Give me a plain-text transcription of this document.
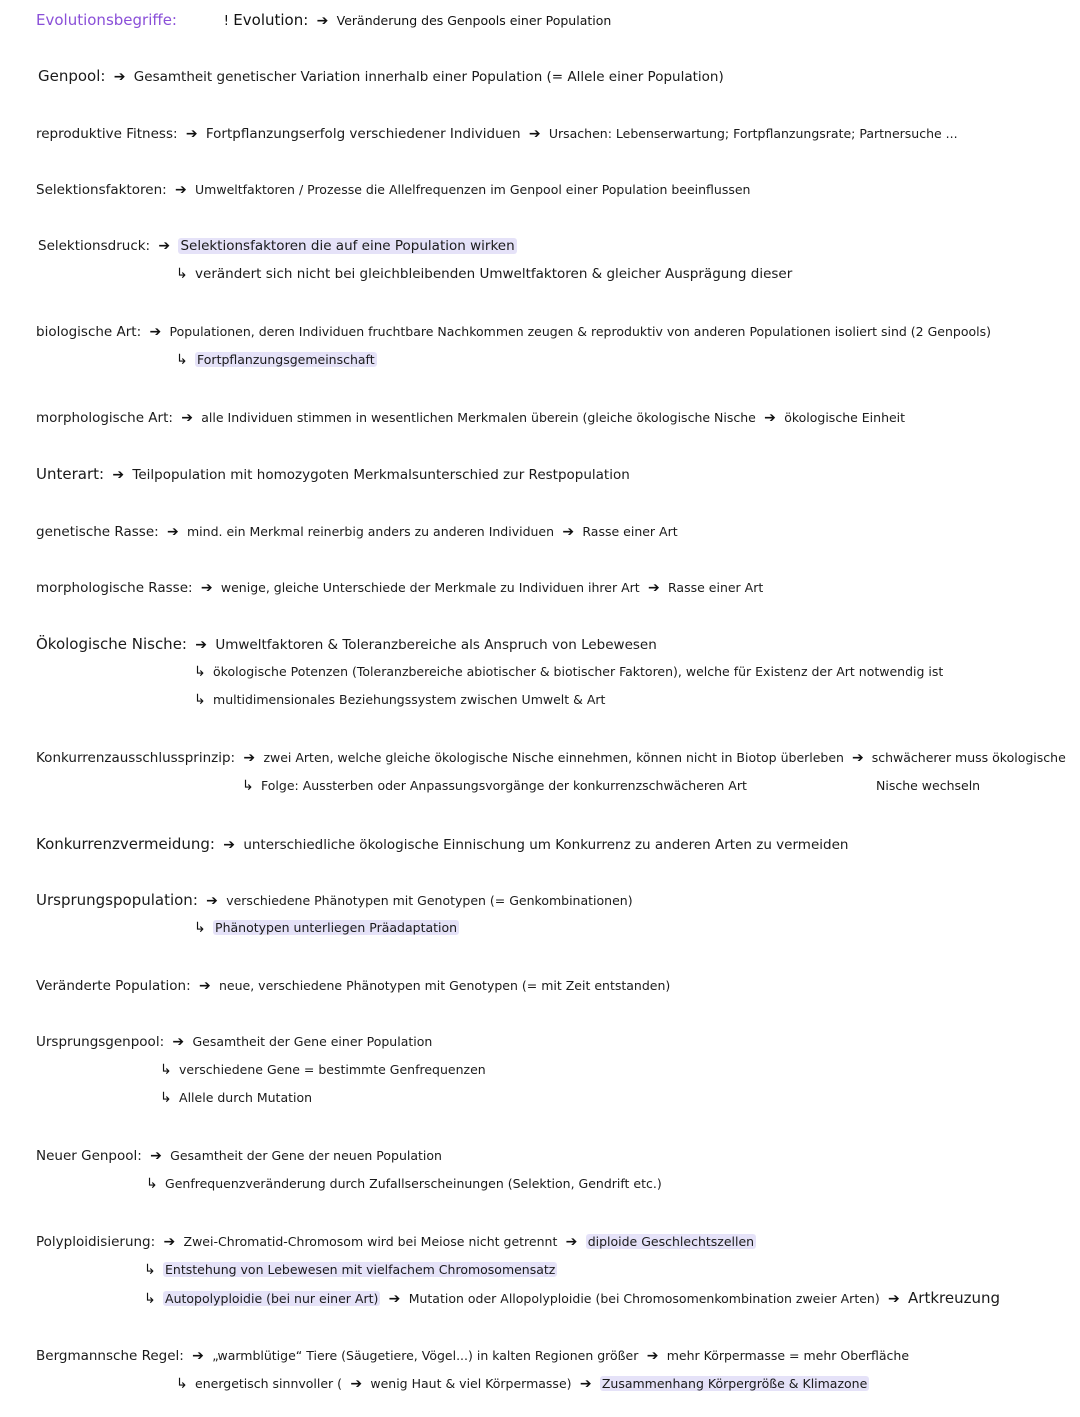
Evolutionsbegriffe:	! Evolution: ➔ Veränderung des Genpools einer Population
Genpool: ➔ Gesamtheit genetischer Variation innerhalb einer Population (= Allele einer Population)
reproduktive Fitness: ➔ Fortpflanzungserfolg verschiedener Individuen ➔ Ursachen: Lebenserwartung; Fortpflanzungsrate; Partnersuche ...
Selektionsfaktoren: ➔ Umweltfaktoren / Prozesse die Allelfrequenzen im Genpool einer Population beeinflussen
Selektionsdruck: ➔ Selektionsfaktoren die auf eine Population wirken
↳ verändert sich nicht bei gleichbleibenden Umweltfaktoren & gleicher Ausprägung dieser
biologische Art: ➔ Populationen, deren Individuen fruchtbare Nachkommen zeugen & reproduktiv von anderen Populationen isoliert sind (2 Genpools)
↳ Fortpflanzungsgemeinschaft
morphologische Art: ➔ alle Individuen stimmen in wesentlichen Merkmalen überein (gleiche ökologische Nische ➔ ökologische Einheit
Unterart: ➔ Teilpopulation mit homozygoten Merkmalsunterschied zur Restpopulation
genetische Rasse: ➔ mind. ein Merkmal reinerbig anders zu anderen Individuen ➔ Rasse einer Art
morphologische Rasse: ➔ wenige, gleiche Unterschiede der Merkmale zu Individuen ihrer Art ➔ Rasse einer Art
Ökologische Nische: ➔ Umweltfaktoren & Toleranzbereiche als Anspruch von Lebewesen
↳ ökologische Potenzen (Toleranzbereiche abiotischer & biotischer Faktoren), welche für Existenz der Art notwendig ist
↳ multidimensionales Beziehungssystem zwischen Umwelt & Art
Konkurrenzausschlussprinzip: ➔ zwei Arten, welche gleiche ökologische Nische einnehmen, können nicht in Biotop überleben ➔ schwächerer muss ökologische
Nische wechseln
↳ Folge: Aussterben oder Anpassungsvorgänge der konkurrenzschwächeren Art
Konkurrenzvermeidung: ➔ unterschiedliche ökologische Einnischung um Konkurrenz zu anderen Arten zu vermeiden
Ursprungspopulation: ➔ verschiedene Phänotypen mit Genotypen (= Genkombinationen)
↳ Phänotypen unterliegen Präadaptation
Veränderte Population: ➔ neue, verschiedene Phänotypen mit Genotypen (= mit Zeit entstanden)
Ursprungsgenpool: ➔ Gesamtheit der Gene einer Population
↳ verschiedene Gene = bestimmte Genfrequenzen
↳ Allele durch Mutation
Neuer Genpool: ➔ Gesamtheit der Gene der neuen Population
↳ Genfrequenzveränderung durch Zufallserscheinungen (Selektion, Gendrift etc.)
Polyploidisierung: ➔ Zwei-Chromatid-Chromosom wird bei Meiose nicht getrennt ➔ diploide Geschlechtszellen
↳ Entstehung von Lebewesen mit vielfachem Chromosomensatz
↳ Autopolyploidie (bei nur einer Art) ➔ Mutation oder Allopolyploidie (bei Chromosomenkombination zweier Arten) ➔ Artkreuzung
Bergmannsche Regel: ➔ „warmblütige“ Tiere (Säugetiere, Vögel...) in kalten Regionen größer ➔ mehr Körpermasse = mehr Oberfläche
↳ energetisch sinnvoller ( ➔ wenig Haut & viel Körpermasse) ➔ Zusammenhang Körpergröße & Klimazone
